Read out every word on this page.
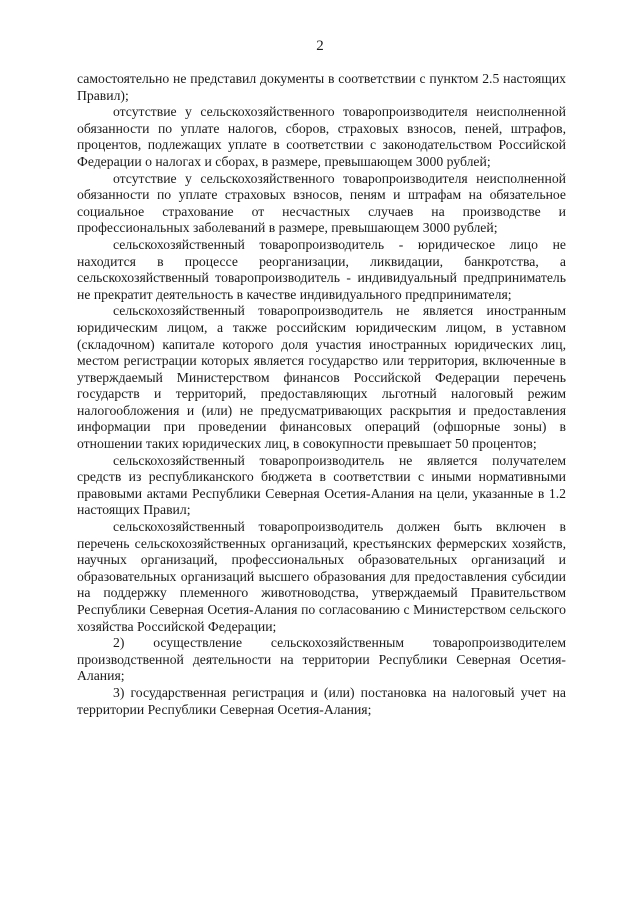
2

самостоятельно не представил документы в соответствии с пунктом 2.5 настоящих Правил);

отсутствие у сельскохозяйственного товаропроизводителя неисполненной обязанности по уплате налогов, сборов, страховых взносов, пеней, штрафов, процентов, подлежащих уплате в соответствии с законодательством Российской Федерации о налогах и сборах, в размере, превышающем 3000 рублей;

отсутствие у сельскохозяйственного товаропроизводителя неисполненной обязанности по уплате страховых взносов, пеням и штрафам на обязательное социальное страхование от несчастных случаев на производстве и профессиональных заболеваний в размере, превышающем 3000 рублей;

сельскохозяйственный товаропроизводитель - юридическое лицо не находится в процессе реорганизации, ликвидации, банкротства, а сельскохозяйственный товаропроизводитель - индивидуальный предприниматель не прекратит деятельность в качестве индивидуального предпринимателя;

сельскохозяйственный товаропроизводитель не является иностранным юридическим лицом, а также российским юридическим лицом, в уставном (складочном) капитале которого доля участия иностранных юридических лиц, местом регистрации которых является государство или территория, включенные в утверждаемый Министерством финансов Российской Федерации перечень государств и территорий, предоставляющих льготный налоговый режим налогообложения и (или) не предусматривающих раскрытия и предоставления информации при проведении финансовых операций (офшорные зоны) в отношении таких юридических лиц, в совокупности превышает 50 процентов;

сельскохозяйственный товаропроизводитель не является получателем средств из республиканского бюджета в соответствии с иными нормативными правовыми актами Республики Северная Осетия-Алания на цели, указанные в 1.2 настоящих Правил;

сельскохозяйственный товаропроизводитель должен быть включен в перечень сельскохозяйственных организаций, крестьянских фермерских хозяйств, научных организаций, профессиональных образовательных организаций и образовательных организаций высшего образования для предоставления субсидии на поддержку племенного животноводства, утверждаемый Правительством Республики Северная Осетия-Алания по согласованию с Министерством сельского хозяйства Российской Федерации;

2) осуществление сельскохозяйственным товаропроизводителем производственной деятельности на территории Республики Северная Осетия-Алания;

3) государственная регистрация и (или) постановка на налоговый учет на территории Республики Северная Осетия-Алания;
